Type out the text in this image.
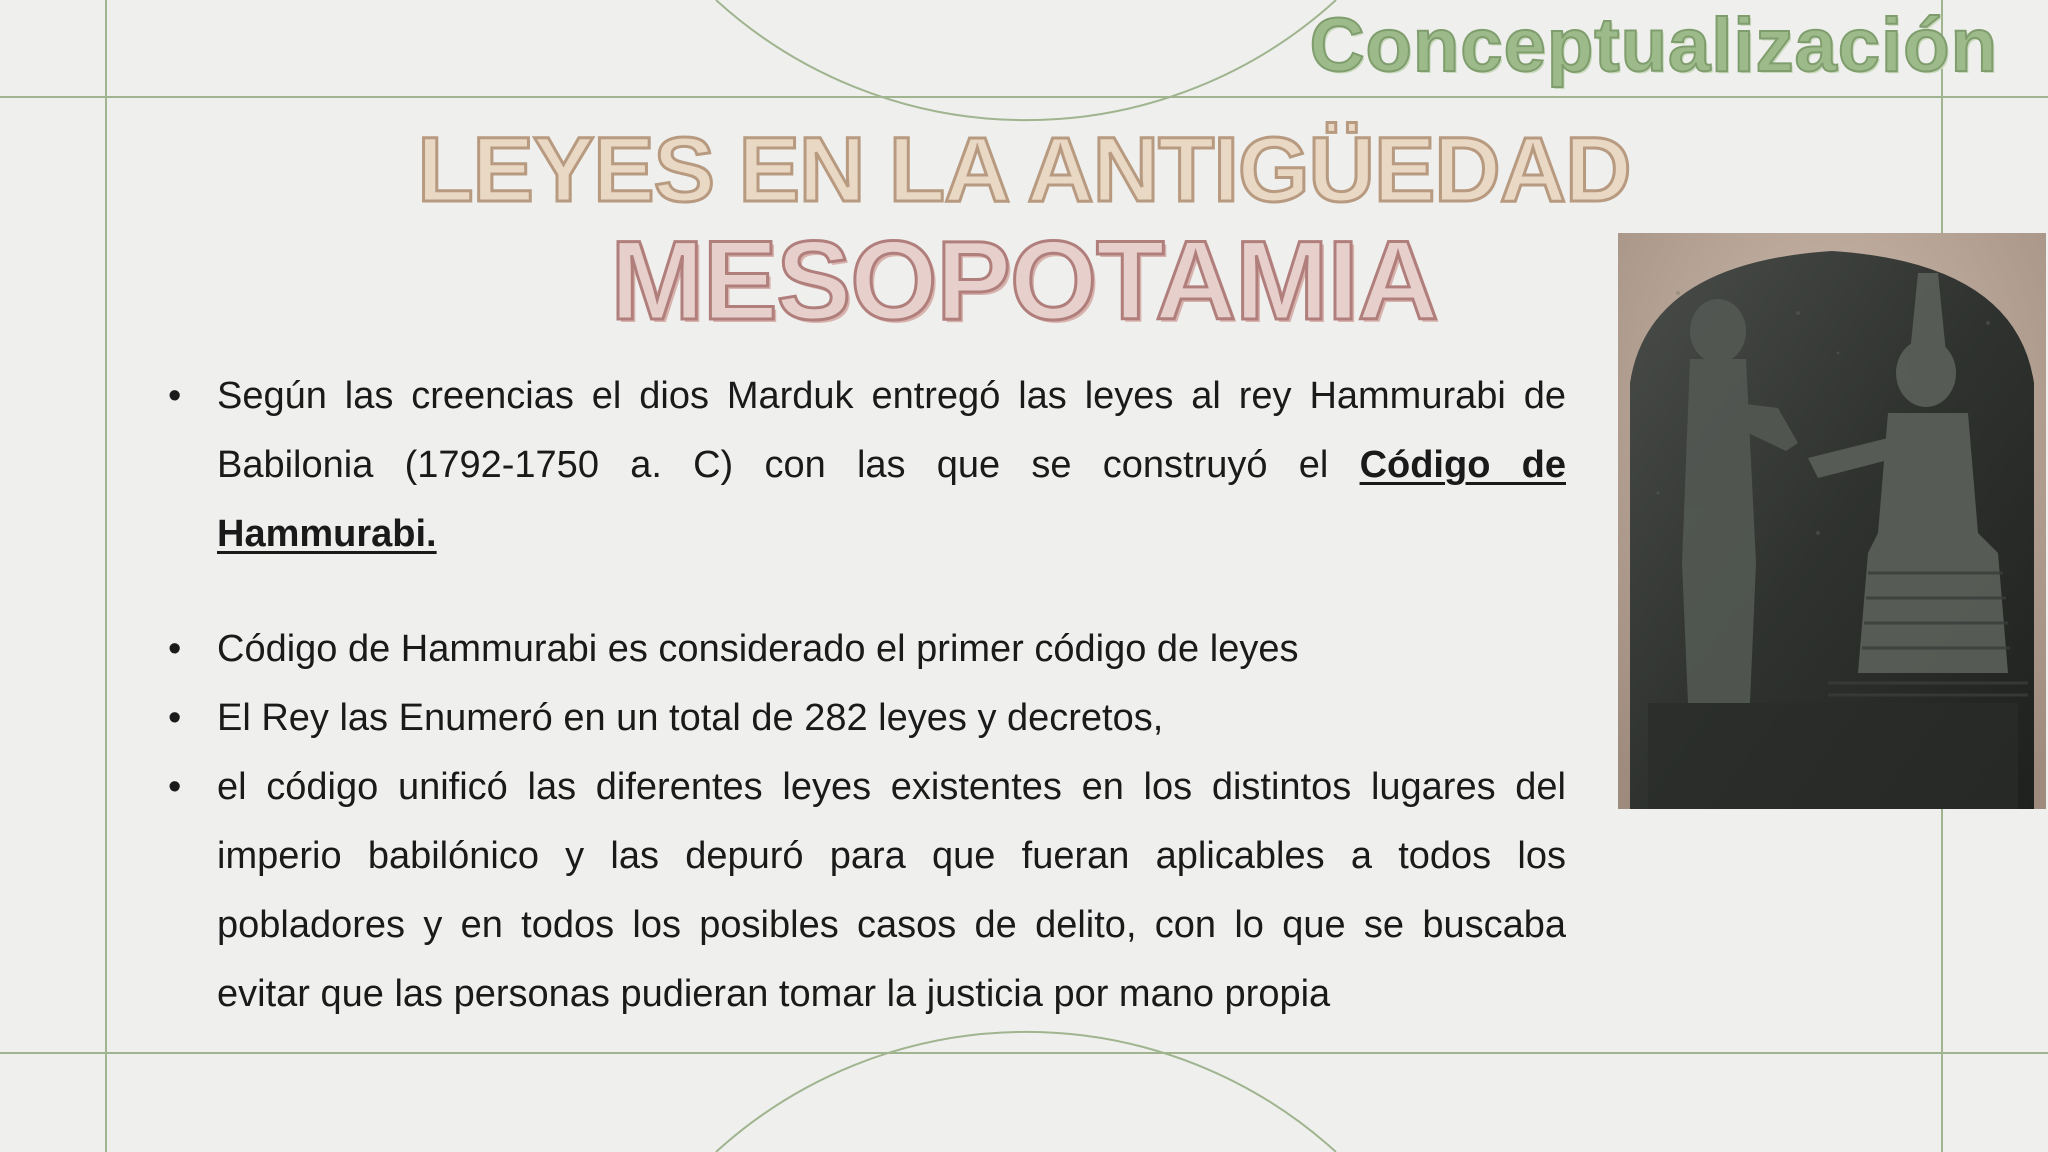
Conceptualización
LEYES EN LA ANTIGÜEDAD
MESOPOTAMIA
• Según las creencias el dios Marduk entregó las leyes al rey Hammurabi de Babilonia (1792-1750 a. C) con las que se construyó el Código de Hammurabi.
• Código de Hammurabi es considerado el primer código de leyes
• El Rey las Enumeró en un total de 282 leyes y decretos,
• el código unificó las diferentes leyes existentes en los distintos lugares del imperio babilónico y las depuró para que fueran aplicables a todos los pobladores y en todos los posibles casos de delito, con lo que se buscaba evitar que las personas pudieran tomar la justicia por mano propia
